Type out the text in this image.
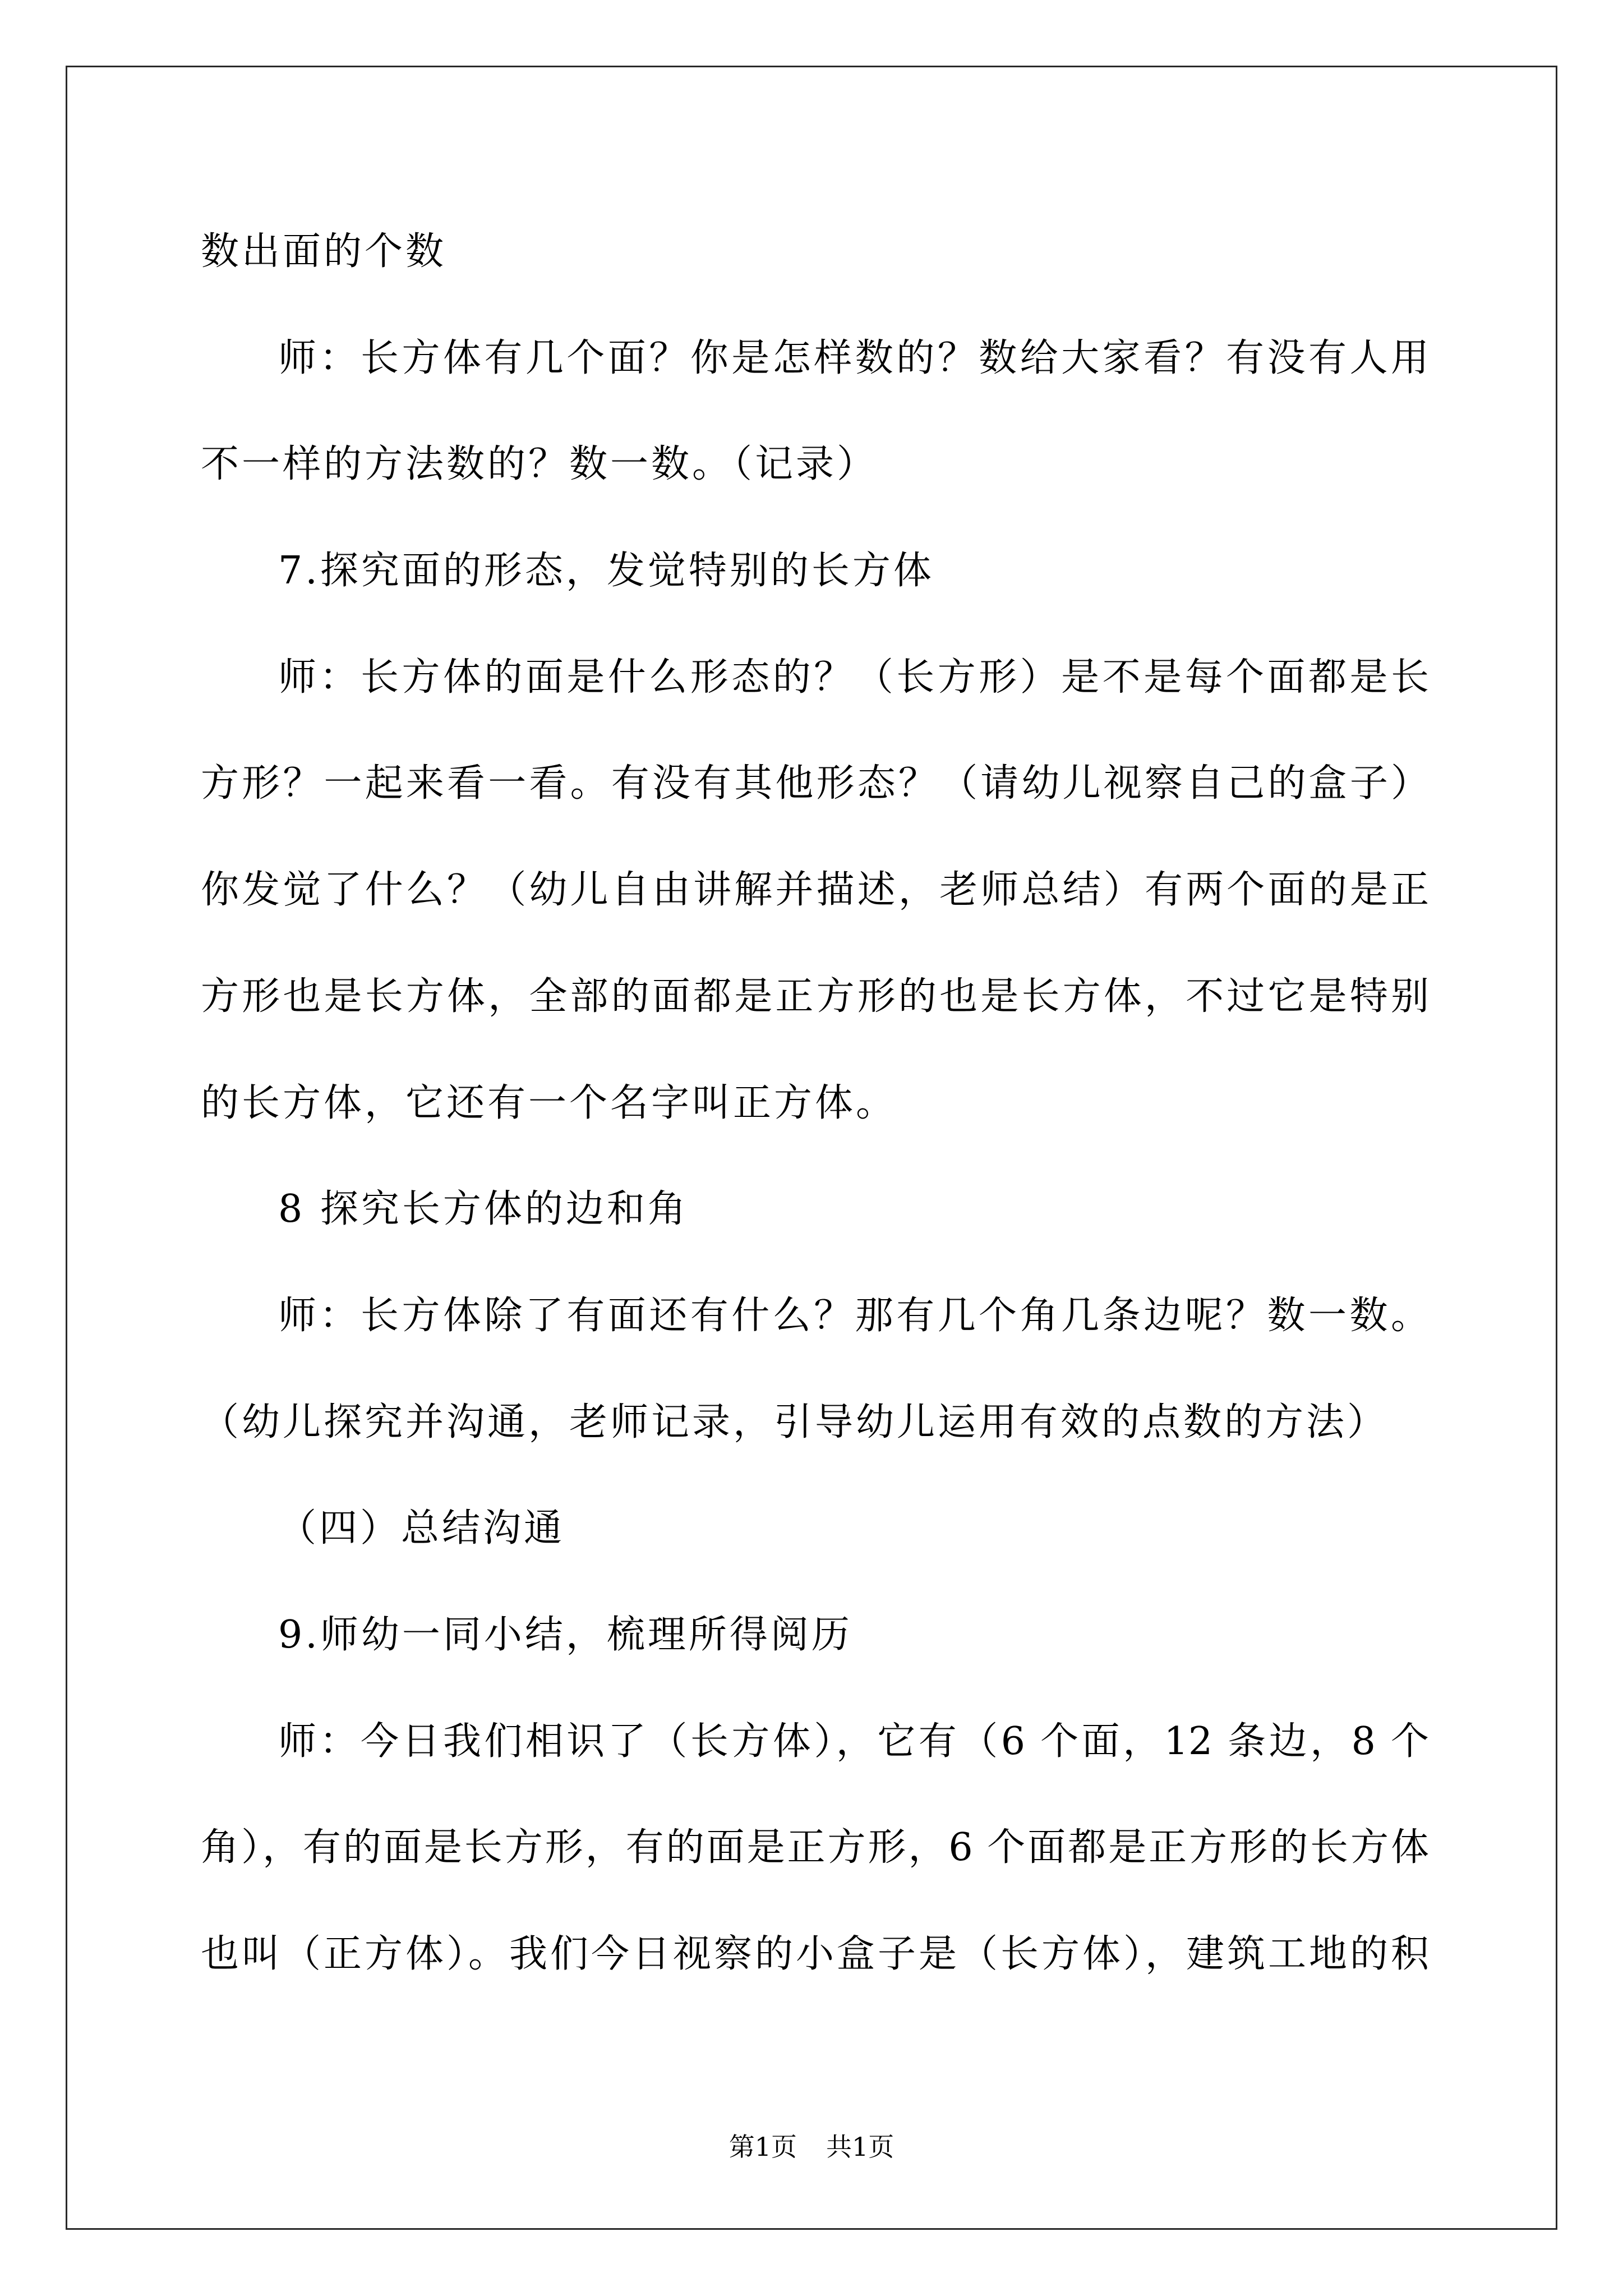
数出面的个数
师：长方体有几个面？你是怎样数的？数给大家看？有没有人用
不一样的方法数的？数一数。（记录）
7.探究面的形态，发觉特别的长方体
师：长方体的面是什么形态的？（长方形）是不是每个面都是长
方形？一起来看一看。有没有其他形态？（请幼儿视察自己的盒子）
你发觉了什么？（幼儿自由讲解并描述，老师总结）有两个面的是正
方形也是长方体，全部的面都是正方形的也是长方体，不过它是特别
的长方体，它还有一个名字叫正方体。
8 探究长方体的边和角
师：长方体除了有面还有什么？那有几个角几条边呢？数一数。
（幼儿探究并沟通，老师记录，引导幼儿运用有效的点数的方法）
（四）总结沟通
9.师幼一同小结，梳理所得阅历
师：今日我们相识了（长方体），它有（6 个面，12 条边，8 个
角），有的面是长方形，有的面是正方形，6 个面都是正方形的长方体
也叫（正方体）。我们今日视察的小盒子是（长方体），建筑工地的积
第1页 共1页
